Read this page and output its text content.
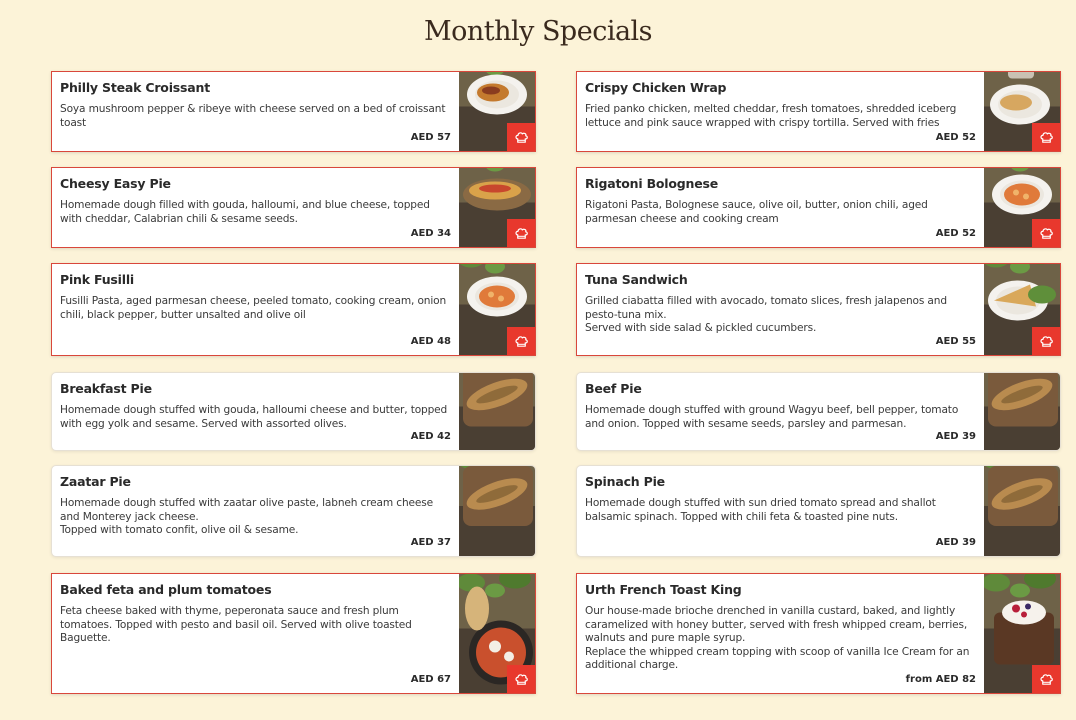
Monthly Specials
Philly Steak Croissant
Soya mushroom pepper & ribeye with cheese served on a bed of croissant toast
AED 57
Cheesy Easy Pie
Homemade dough filled with gouda, halloumi, and blue cheese, topped with cheddar, Calabrian chili & sesame seeds.
AED 34
Pink Fusilli
Fusilli Pasta, aged parmesan cheese, peeled tomato, cooking cream, onion chili, black pepper, butter unsalted and olive oil
AED 48
Breakfast Pie
Homemade dough stuffed with gouda, halloumi cheese and butter, topped with egg yolk and sesame. Served with assorted olives.
AED 42
Zaatar Pie
Homemade dough stuffed with zaatar olive paste, labneh cream cheese and Monterey jack cheese.
Topped with tomato confit, olive oil & sesame.
AED 37
Baked feta and plum tomatoes
Feta cheese baked with thyme, peperonata sauce and fresh plum tomatoes. Topped with pesto and basil oil. Served with olive toasted Baguette.
AED 67
Crispy Chicken Wrap
Fried panko chicken, melted cheddar, fresh tomatoes, shredded iceberg lettuce and pink sauce wrapped with crispy tortilla. Served with fries
AED 52
Rigatoni Bolognese
Rigatoni Pasta, Bolognese sauce, olive oil, butter, onion chili, aged parmesan cheese and cooking cream
AED 52
Tuna Sandwich
Grilled ciabatta filled with avocado, tomato slices, fresh jalapenos and pesto-tuna mix.
Served with side salad & pickled cucumbers.
AED 55
Beef Pie
Homemade dough stuffed with ground Wagyu beef, bell pepper, tomato and onion. Topped with sesame seeds, parsley and parmesan.
AED 39
Spinach Pie
Homemade dough stuffed with sun dried tomato spread and shallot balsamic spinach. Topped with chili feta & toasted pine nuts.
AED 39
Urth French Toast King
Our house-made brioche drenched in vanilla custard, baked, and lightly caramelized with honey butter, served with fresh whipped cream, berries, walnuts and pure maple syrup.
Replace the whipped cream topping with scoop of vanilla Ice Cream for an additional charge.
from AED 82
